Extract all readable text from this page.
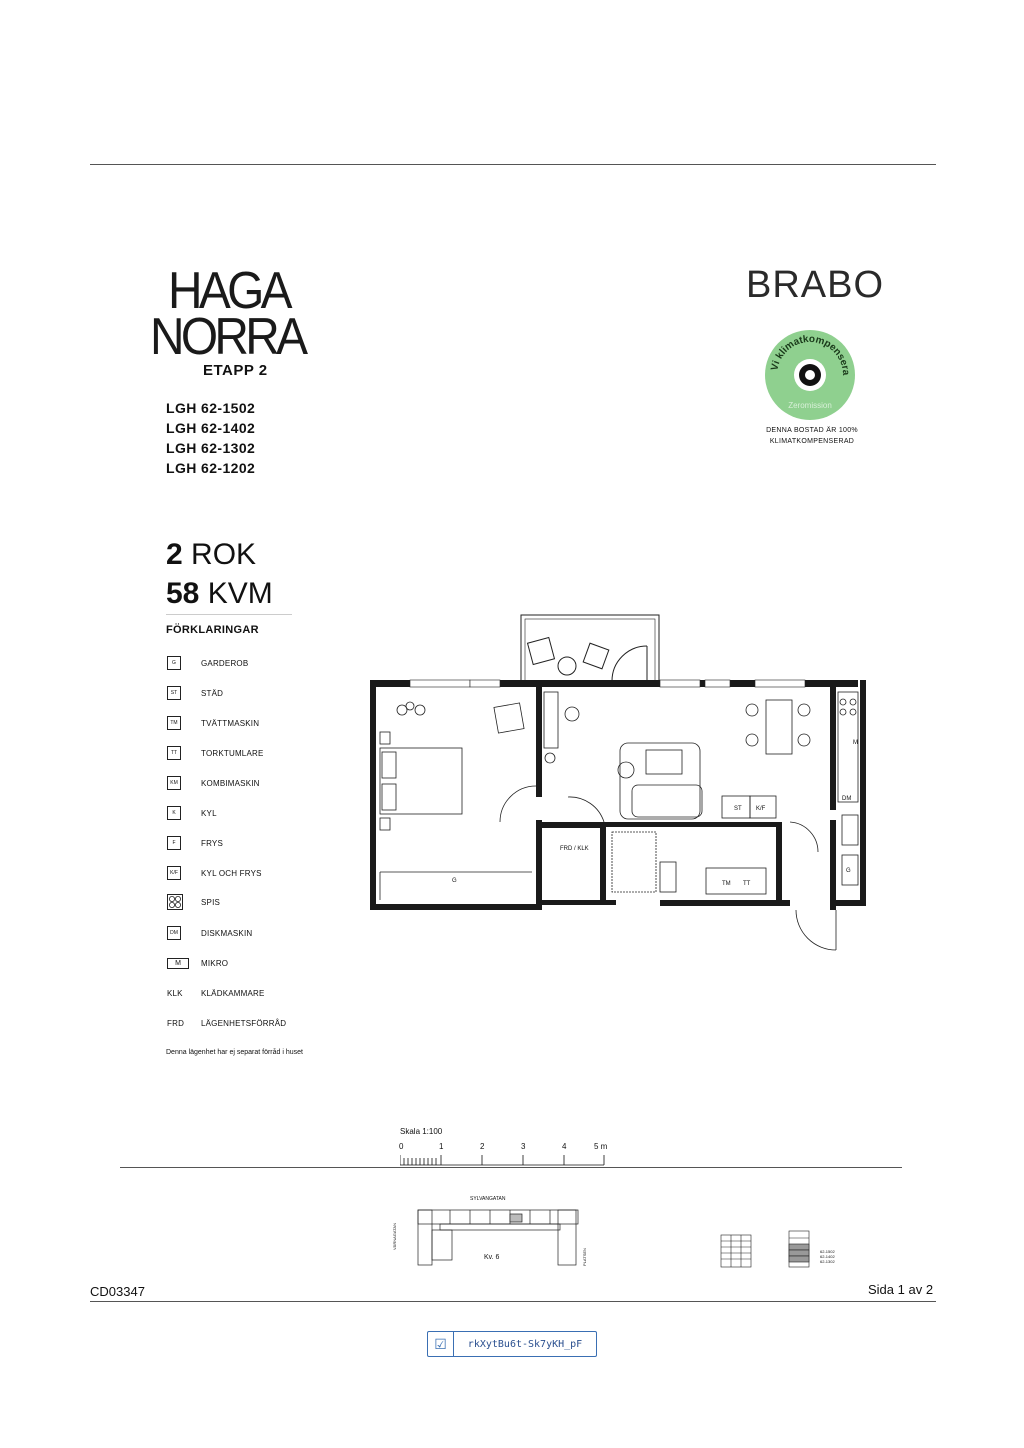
HAGA
NORRA
ETAPP 2
LGH 62-1502
LGH 62-1402
LGH 62-1302
LGH 62-1202
BRABO
Vi klimatkompensera
Zeromission
DENNA BOSTAD ÄR 100%
KLIMATKOMPENSERAD
2 ROK
58 KVM
FÖRKLARINGAR
G	GARDEROB
ST	STÄD
TM	TVÄTTMASKIN
TT	TORKTUMLARE
KM	KOMBIMASKIN
K	KYL
F	FRYS
K/F	KYL OCH FRYS
SPIS
DM	DISKMASKIN
M	MIKRO
KLK	KLÄDKAMMARE
FRD	LÄGENHETSFÖRRÅD
Denna lägenhet har ej separat förråd i huset
FRD / KLK
G
ST K/F
TM TT
DM
M
G
Skala 1:100
0	1	2	3	4	5 m
SYLVANGATAN
Kv. 6
VÄRNAGATAN
PLATSEN	62-1502
62-1402
62-1302
CD03347	Sida 1 av 2
☑	rkXytBu6t-Sk7yKH_pF
